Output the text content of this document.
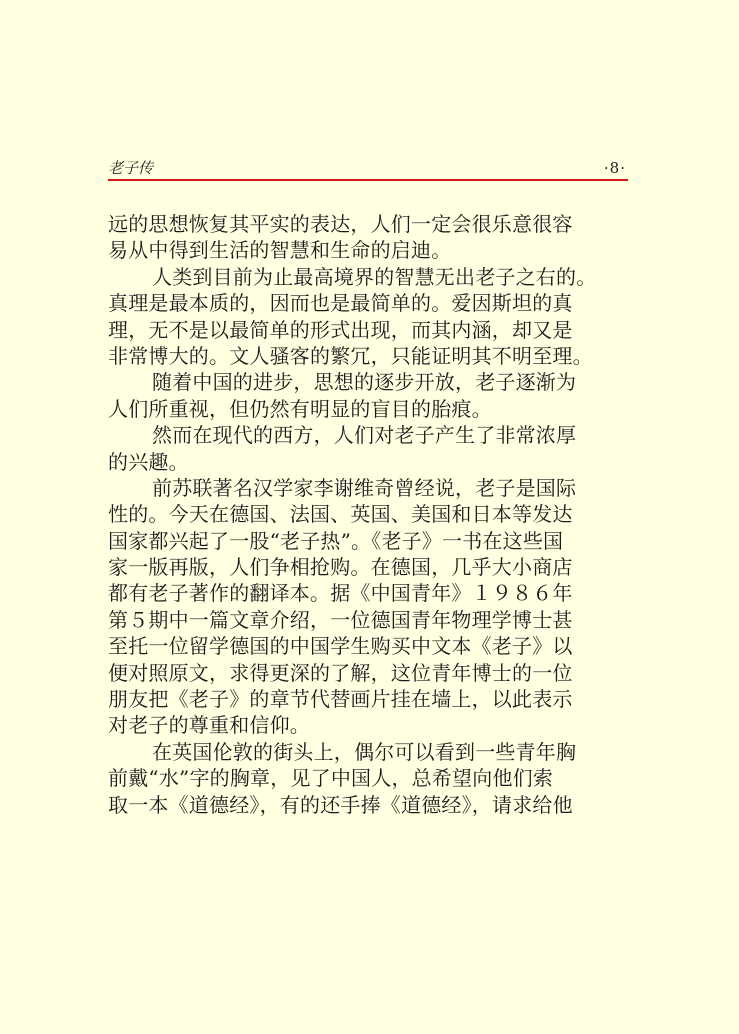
老子传	·8·
远的思想恢复其平实的表达，人们一定会很乐意很容
易从中得到生活的智慧和生命的启迪。
人类到目前为止最高境界的智慧无出老子之右的。
真理是最本质的，因而也是最简单的。爱因斯坦的真
理，无不是以最简单的形式出现，而其内涵，却又是
非常博大的。文人骚客的繁冗，只能证明其不明至理。
随着中国的进步，思想的逐步开放，老子逐渐为
人们所重视，但仍然有明显的盲目的胎痕。
然而在现代的西方，人们对老子产生了非常浓厚
的兴趣。
前苏联著名汉学家李谢维奇曾经说，老子是国际
性的。今天在德国、法国、英国、美国和日本等发达
国家都兴起了一股“老子热”。《老子》一书在这些国
家一版再版，人们争相抢购。在德国，几乎大小商店
都有老子著作的翻译本。据《中国青年》１９８６年
第５期中一篇文章介绍，一位德国青年物理学博士甚
至托一位留学德国的中国学生购买中文本《老子》以
便对照原文，求得更深的了解，这位青年博士的一位
朋友把《老子》的章节代替画片挂在墙上，以此表示
对老子的尊重和信仰。
在英国伦敦的街头上，偶尔可以看到一些青年胸
前戴“水”字的胸章，见了中国人，总希望向他们索
取一本《道德经》，有的还手捧《道德经》，请求给他
